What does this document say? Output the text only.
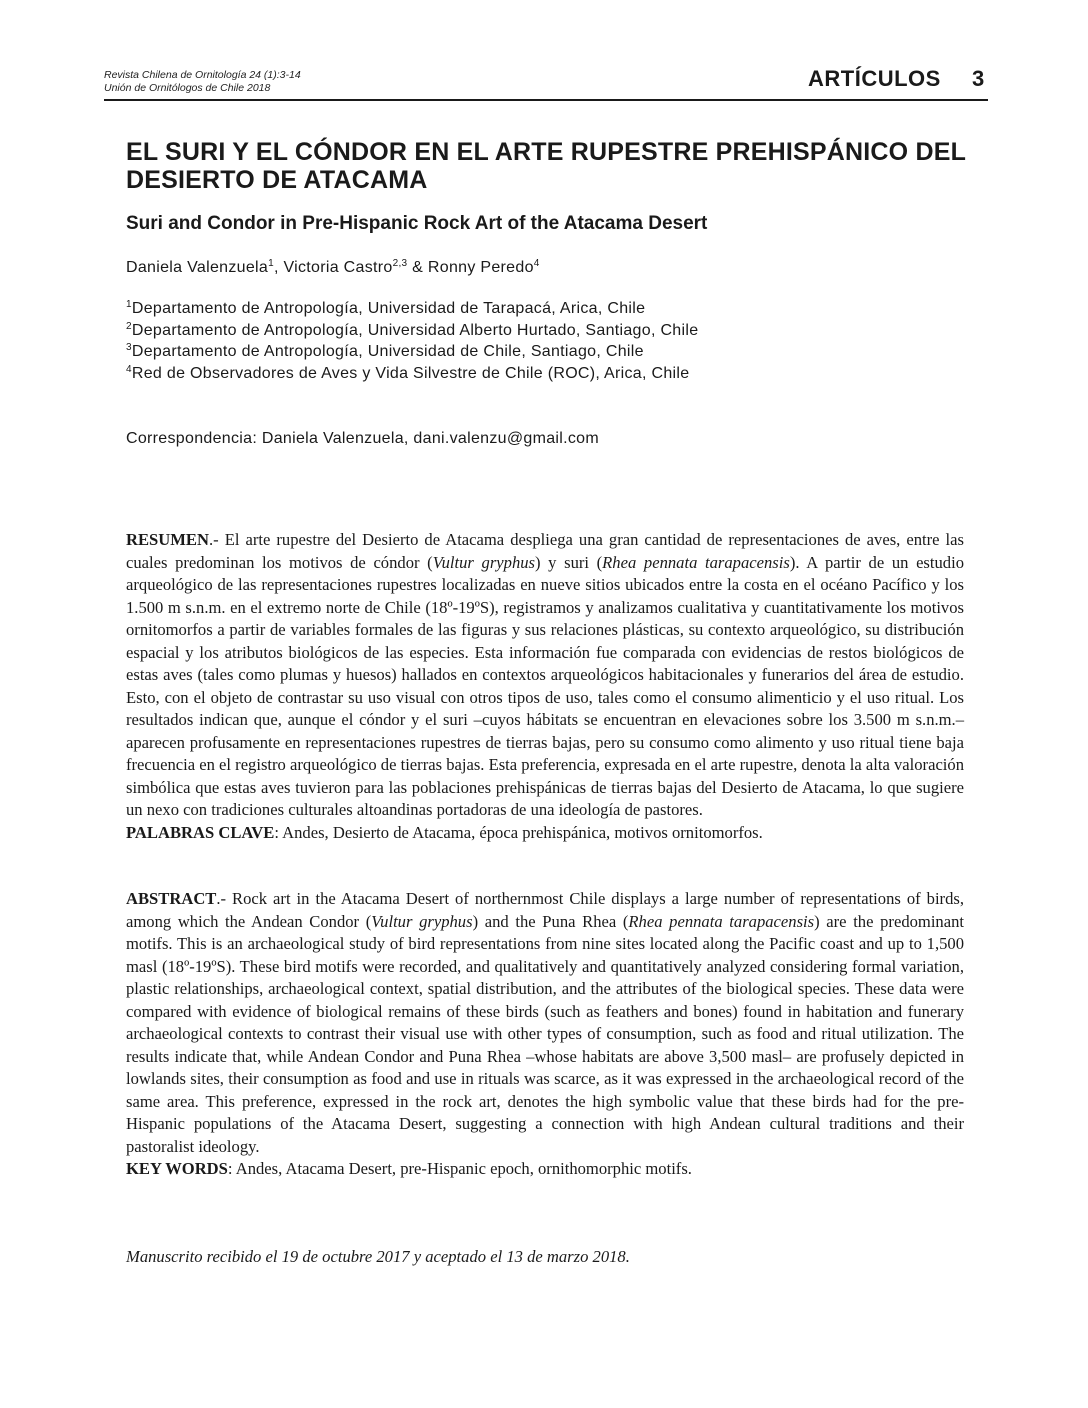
Revista Chilena de Ornitología 24 (1):3-14
Unión de Ornitólogos de Chile 2018	ARTÍCULOS 3
EL SURI Y EL CÓNDOR EN EL ARTE RUPESTRE PREHISPÁNICO DEL DESIERTO DE ATACAMA
Suri and Condor in Pre-Hispanic Rock Art of the Atacama Desert
Daniela Valenzuela$^1$, Victoria Castro$^{2,3}$ & Ronny Peredo$^4$
$^1$Departamento de Antropología, Universidad de Tarapacá, Arica, Chile
$^2$Departamento de Antropología, Universidad Alberto Hurtado, Santiago, Chile
$^3$Departamento de Antropología, Universidad de Chile, Santiago, Chile
$^4$Red de Observadores de Aves y Vida Silvestre de Chile (ROC), Arica, Chile
Correspondencia: Daniela Valenzuela, dani.valenzu@gmail.com

RESUMEN.- El arte rupestre del Desierto de Atacama despliega una gran cantidad de representaciones de aves, entre las cuales predominan los motivos de cóndor (Vultur gryphus) y suri (Rhea pennata tarapacensis). A partir de un estudio arqueológico de las representaciones rupestres localizadas en nueve sitios ubicados entre la costa en el océano Pacífico y los 1.500 m s.n.m. en el extremo norte de Chile (18º-19ºS), registramos y analizamos cualitativa y cuantitativamente los motivos ornitomorfos a partir de variables formales de las figuras y sus relaciones plásticas, su contexto arqueológico, su distribución espacial y los atributos biológicos de las especies. Esta información fue comparada con evidencias de restos biológicos de estas aves (tales como plumas y huesos) hallados en contextos arqueológicos habitacionales y funerarios del área de estudio. Esto, con el objeto de contrastar su uso visual con otros tipos de uso, tales como el consumo alimenticio y el uso ritual. Los resultados indican que, aunque el cóndor y el suri –cuyos hábitats se encuentran en elevaciones sobre los 3.500 m s.n.m.– aparecen profusamente en representaciones rupestres de tierras bajas, pero su consumo como alimento y uso ritual tiene baja frecuencia en el registro arqueológico de tierras bajas. Esta preferencia, expresada en el arte rupestre, denota la alta valoración simbólica que estas aves tuvieron para las poblaciones prehispánicas de tierras bajas del Desierto de Atacama, lo que sugiere un nexo con tradiciones culturales altoandinas portadoras de una ideología de pastores.

PALABRAS CLAVE: Andes, Desierto de Atacama, época prehispánica, motivos ornitomorfos.

ABSTRACT.- Rock art in the Atacama Desert of northernmost Chile displays a large number of representations of birds, among which the Andean Condor (Vultur gryphus) and the Puna Rhea (Rhea pennata tarapacensis) are the predominant motifs. This is an archaeological study of bird representations from nine sites located along the Pacific coast and up to 1,500 masl (18º-19ºS). These bird motifs were recorded, and qualitatively and quantitatively analyzed considering formal variation, plastic relationships, archaeological context, spatial distribution, and the attributes of the biological species. These data were compared with evidence of biological remains of these birds (such as feathers and bones) found in habitation and funerary archaeological contexts to contrast their visual use with other types of consumption, such as food and ritual utilization. The results indicate that, while Andean Condor and Puna Rhea –whose habitats are above 3,500 masl– are profusely depicted in lowlands sites, their consumption as food and use in rituals was scarce, as it was expressed in the archaeological record of the same area. This preference, expressed in the rock art, denotes the high symbolic value that these birds had for the pre-Hispanic populations of the Atacama Desert, suggesting a connection with high Andean cultural traditions and their pastoralist ideology.

KEY WORDS: Andes, Atacama Desert, pre-Hispanic epoch, ornithomorphic motifs.

Manuscrito recibido el 19 de octubre 2017 y aceptado el 13 de marzo 2018.
